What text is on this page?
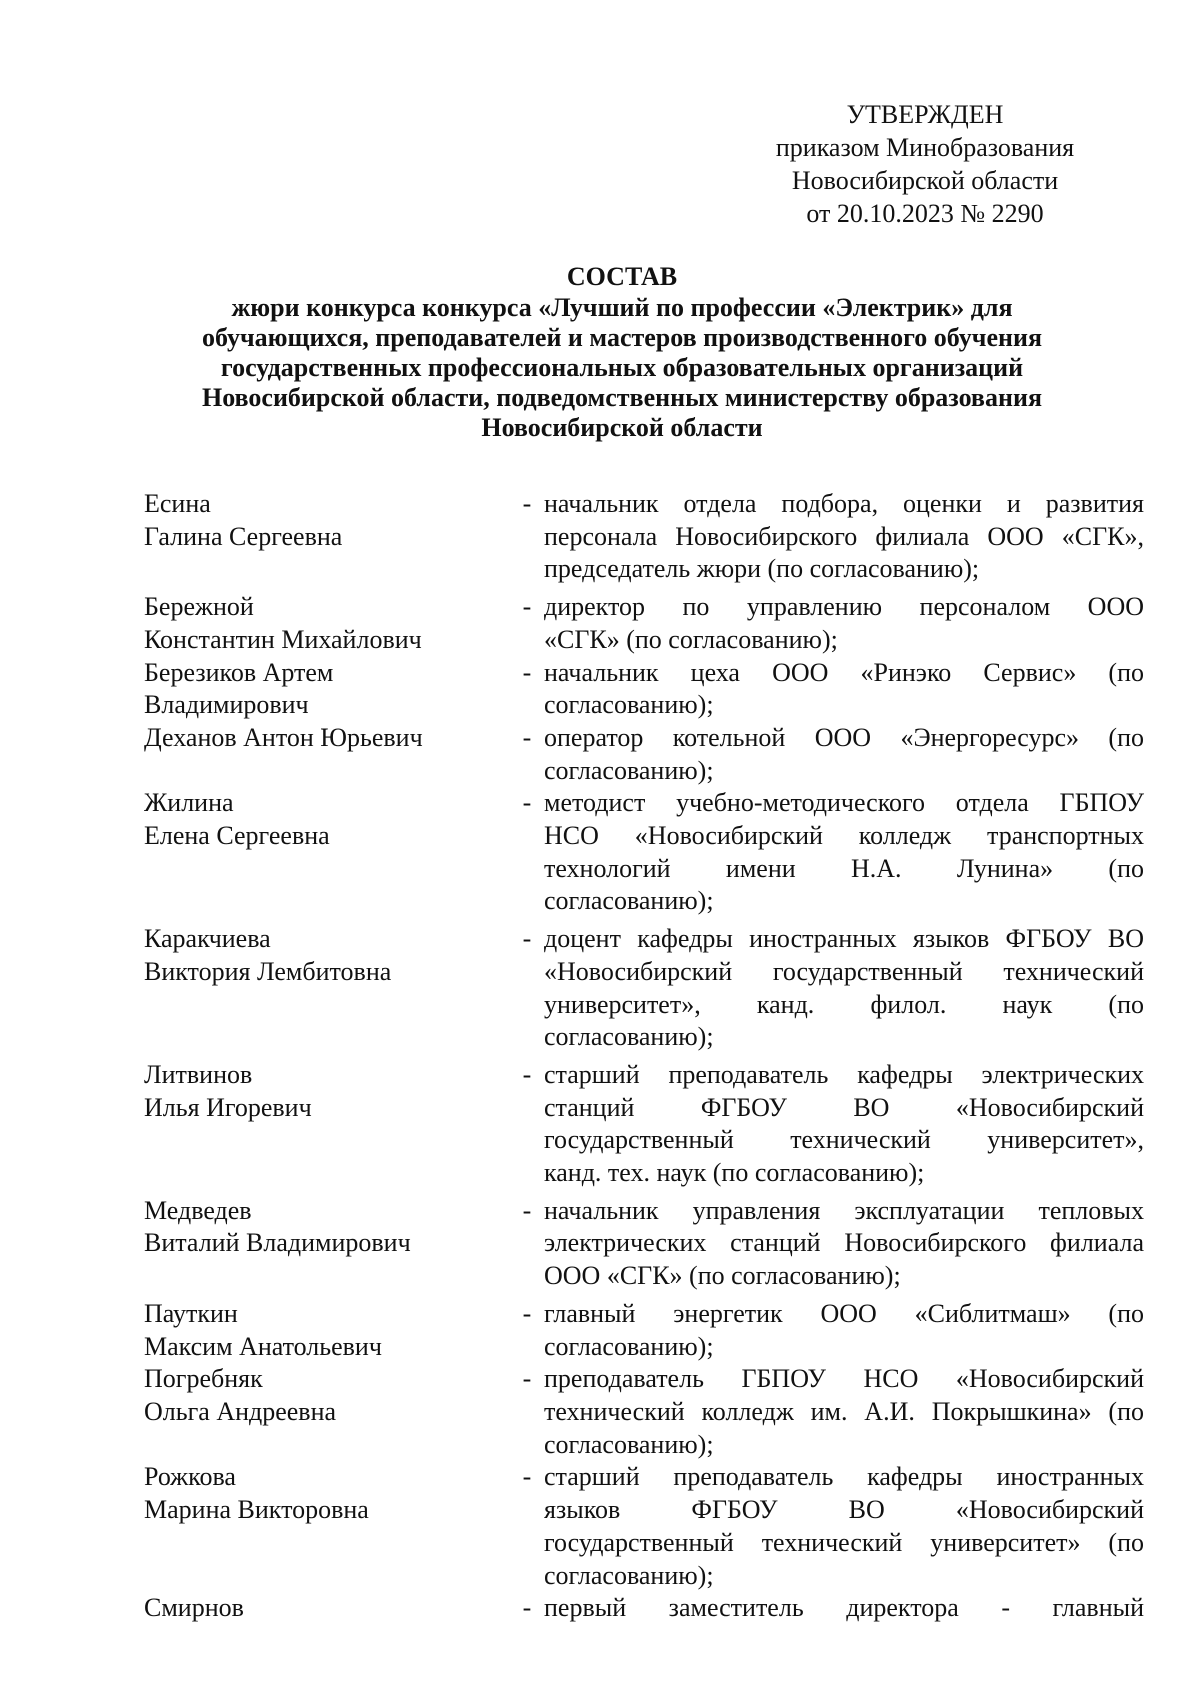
УТВЕРЖДЕН
приказом Минобразования
Новосибирской области
от 20.10.2023 № 2290
СОСТАВ
жюри конкурса конкурса «Лучший по профессии «Электрик» для
обучающихся, преподавателей и мастеров производственного обучения
государственных профессиональных образовательных организаций
Новосибирской области, подведомственных министерству образования
Новосибирской области
Есина
Галина Сергеевна
- начальник отдела подбора, оценки и развития
персонала Новосибирского филиала ООО «СГК»,
председатель жюри (по согласованию);
Бережной
Константин Михайлович
- директор по управлению персоналом ООО
«СГК» (по согласованию);
Березиков Артем
Владимирович
- начальник цеха ООО «Ринэко Сервис» (по
согласованию);
Деханов Антон Юрьевич	- оператор котельной ООО «Энергоресурс» (по
согласованию);
Жилина
Елена Сергеевна
- методист учебно-методического отдела ГБПОУ
НСО «Новосибирский колледж транспортных
технологий имени Н.А. Лунина» (по
согласованию);
Каракчиева
Виктория Лембитовна
- доцент кафедры иностранных языков ФГБОУ ВО
«Новосибирский государственный технический
университет», канд. филол. наук (по
согласованию);
Литвинов
Илья Игоревич
- старший преподаватель кафедры электрических
станций ФГБОУ ВО «Новосибирский
государственный технический университет»,
канд. тех. наук (по согласованию);
Медведев
Виталий Владимирович
- начальник управления эксплуатации тепловых
электрических станций Новосибирского филиала
ООО «СГК» (по согласованию);
Пауткин
Максим Анатольевич
- главный энергетик ООО «Сиблитмаш» (по
согласованию);
Погребняк
Ольга Андреевна
- преподаватель ГБПОУ НСО «Новосибирский
технический колледж им. А.И. Покрышкина» (по
согласованию);
Рожкова
Марина Викторовна
- старший преподаватель кафедры иностранных
языков ФГБОУ ВО «Новосибирский
государственный технический университет» (по
согласованию);
Смирнов	- первый заместитель директора - главный
